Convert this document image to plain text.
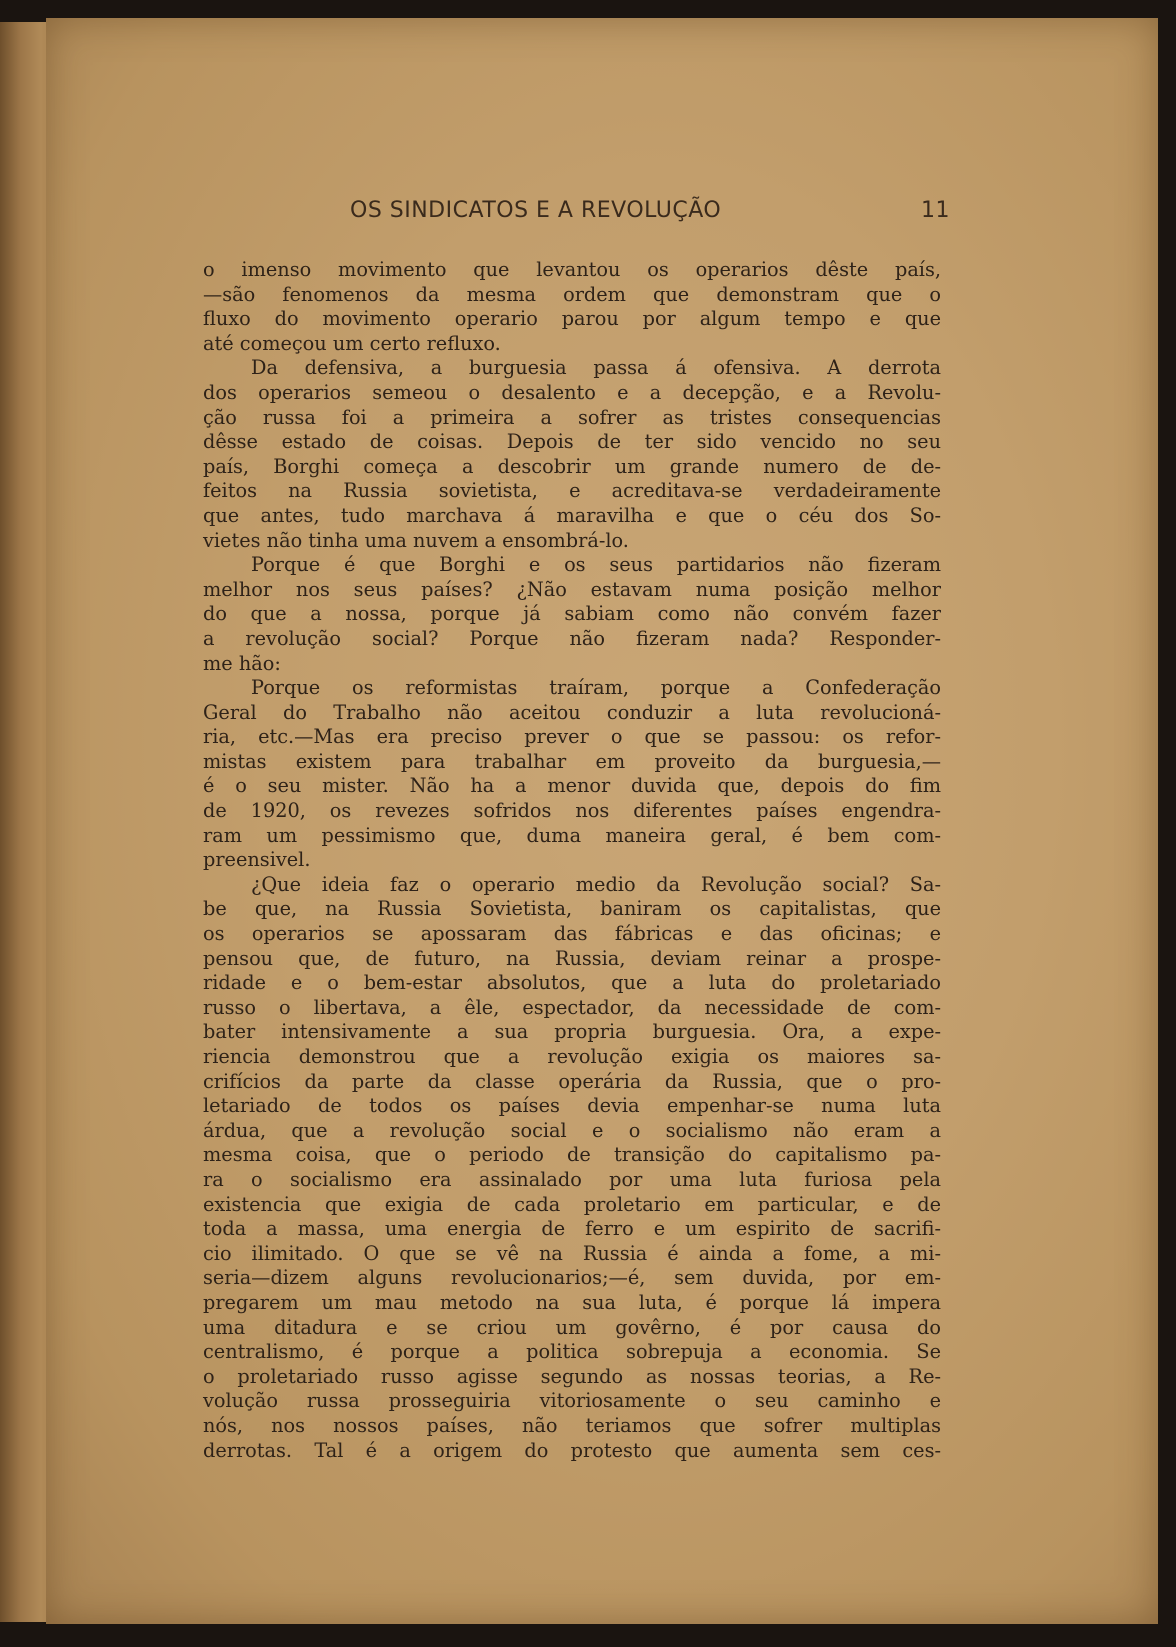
OS SINDICATOS E A REVOLUÇÃO	11
o imenso movimento que levantou os operarios dêste país,
—são fenomenos da mesma ordem que demonstram que o
fluxo do movimento operario parou por algum tempo e que
até começou um certo refluxo.
Da defensiva, a burguesia passa á ofensiva. A derrota
dos operarios semeou o desalento e a decepção, e a Revolu-
ção russa foi a primeira a sofrer as tristes consequencias
dêsse estado de coisas. Depois de ter sido vencido no seu
país, Borghi começa a descobrir um grande numero de de-
feitos na Russia sovietista, e acreditava-se verdadeiramente
que antes, tudo marchava á maravilha e que o céu dos So-
vietes não tinha uma nuvem a ensombrá-lo.
Porque é que Borghi e os seus partidarios não fizeram
melhor nos seus países? ¿Não estavam numa posição melhor
do que a nossa, porque já sabiam como não convém fazer
a revolução social? Porque não fizeram nada? Responder-
me hão:
Porque os reformistas traíram, porque a Confederação
Geral do Trabalho não aceitou conduzir a luta revolucioná-
ria, etc.—Mas era preciso prever o que se passou: os refor-
mistas existem para trabalhar em proveito da burguesia,—
é o seu mister. Não ha a menor duvida que, depois do fim
de 1920, os revezes sofridos nos diferentes países engendra-
ram um pessimismo que, duma maneira geral, é bem com-
preensivel.
¿Que ideia faz o operario medio da Revolução social? Sa-
be que, na Russia Sovietista, baniram os capitalistas, que
os operarios se apossaram das fábricas e das oficinas; e
pensou que, de futuro, na Russia, deviam reinar a prospe-
ridade e o bem-estar absolutos, que a luta do proletariado
russo o libertava, a êle, espectador, da necessidade de com-
bater intensivamente a sua propria burguesia. Ora, a expe-
riencia demonstrou que a revolução exigia os maiores sa-
crifícios da parte da classe operária da Russia, que o pro-
letariado de todos os países devia empenhar-se numa luta
árdua, que a revolução social e o socialismo não eram a
mesma coisa, que o periodo de transição do capitalismo pa-
ra o socialismo era assinalado por uma luta furiosa pela
existencia que exigia de cada proletario em particular, e de
toda a massa, uma energia de ferro e um espirito de sacrifi-
cio ilimitado. O que se vê na Russia é ainda a fome, a mi-
seria—dizem alguns revolucionarios;—é, sem duvida, por em-
pregarem um mau metodo na sua luta, é porque lá impera
uma ditadura e se criou um govêrno, é por causa do
centralismo, é porque a politica sobrepuja a economia. Se
o proletariado russo agisse segundo as nossas teorias, a Re-
volução russa prosseguiria vitoriosamente o seu caminho e
nós, nos nossos países, não teriamos que sofrer multiplas
derrotas. Tal é a origem do protesto que aumenta sem ces-
